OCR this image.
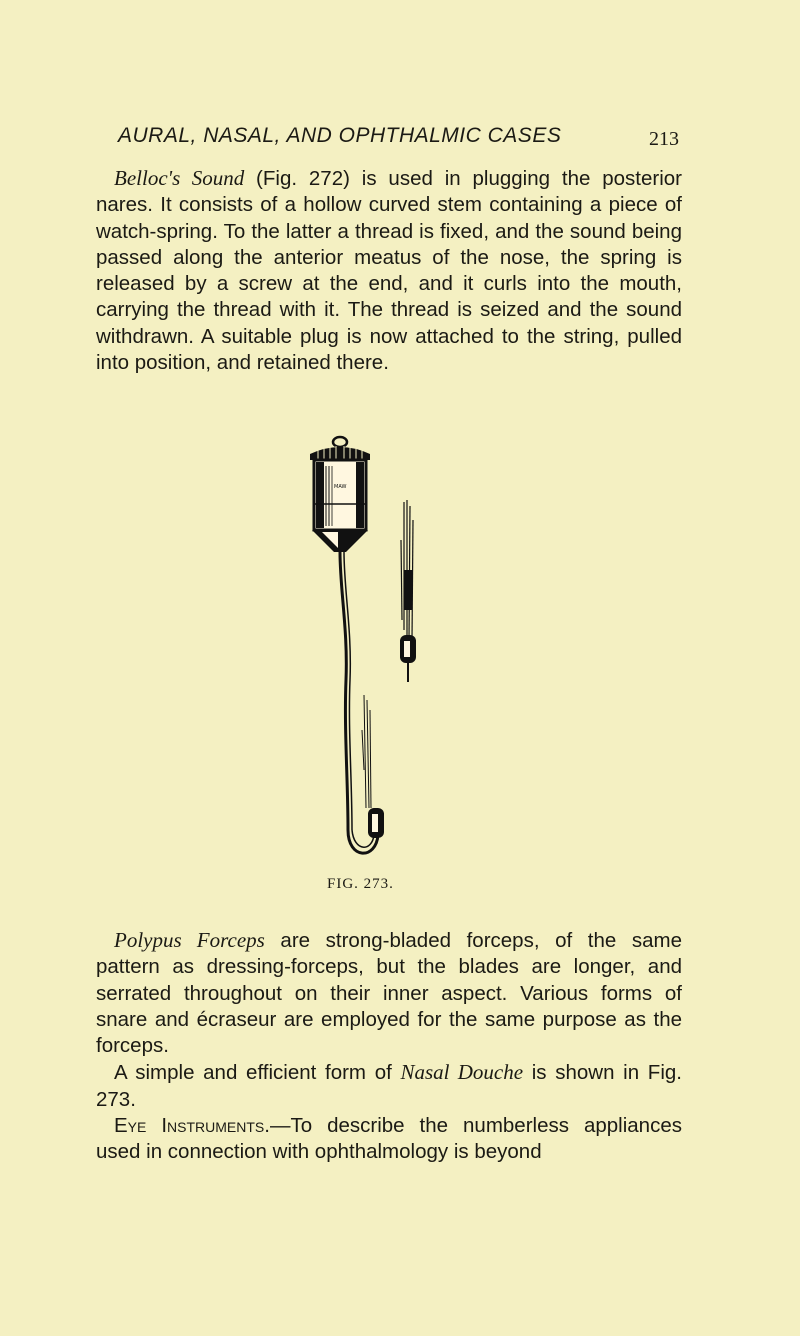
AURAL, NASAL, AND OPHTHALMIC CASES	213

Belloc's Sound (Fig. 272) is used in plugging the posterior nares. It consists of a hollow curved stem containing a piece of watch-spring. To the latter a thread is fixed, and the sound being passed along the anterior meatus of the nose, the spring is released by a screw at the end, and it curls into the mouth, carrying the thread with it. The thread is seized and the sound withdrawn. A suitable plug is now attached to the string, pulled into position, and retained there.

MAW
FIG. 273.

Polypus Forceps are strong-bladed forceps, of the same pattern as dressing-forceps, but the blades are longer, and serrated throughout on their inner aspect. Various forms of snare and écraseur are employed for the same purpose as the forceps.

A simple and efficient form of Nasal Douche is shown in Fig. 273.

Eye Instruments.—To describe the numberless appliances used in connection with ophthalmology is beyond
